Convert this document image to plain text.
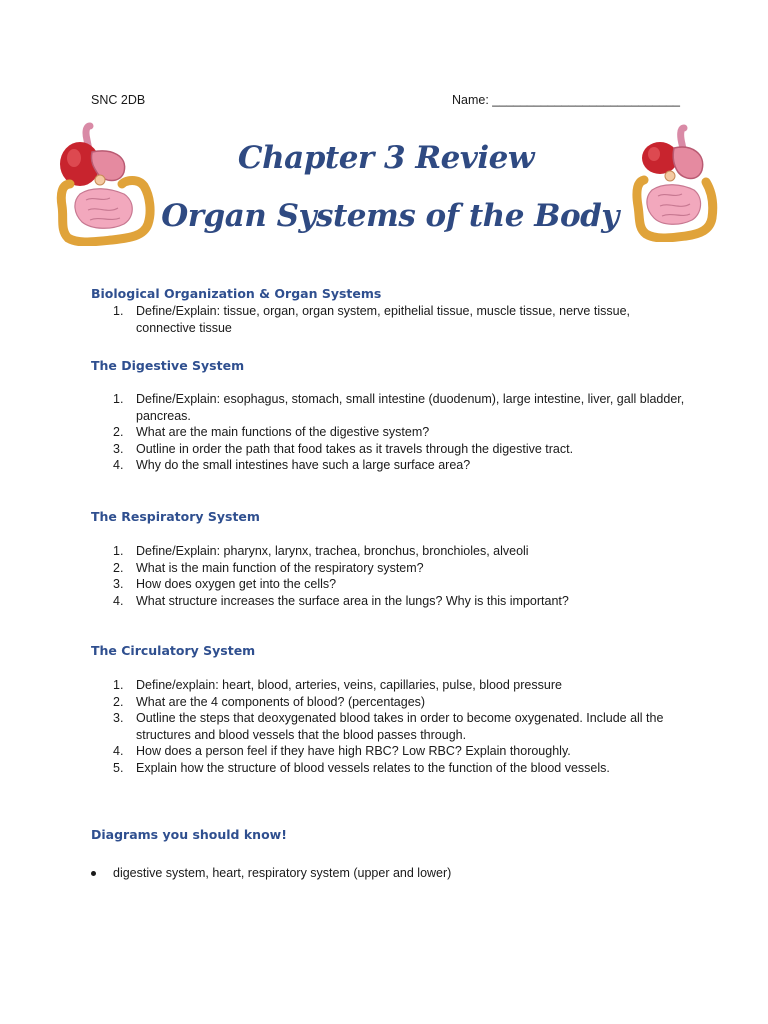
SNC 2DB	Name: ___________________________
Chapter 3 Review
Organ Systems of the Body
Biological Organization & Organ Systems
1. Define/Explain: tissue, organ, organ system, epithelial tissue, muscle tissue, nerve tissue, connective tissue
The Digestive System
1. Define/Explain: esophagus, stomach, small intestine (duodenum), large intestine, liver, gall bladder, pancreas.
2. What are the main functions of the digestive system?
3. Outline in order the path that food takes as it travels through the digestive tract.
4. Why do the small intestines have such a large surface area?
The Respiratory System
1. Define/Explain: pharynx, larynx, trachea, bronchus, bronchioles, alveoli
2. What is the main function of the respiratory system?
3. How does oxygen get into the cells?
4. What structure increases the surface area in the lungs? Why is this important?
The Circulatory System
1. Define/explain: heart, blood, arteries, veins, capillaries, pulse, blood pressure
2. What are the 4 components of blood? (percentages)
3. Outline the steps that deoxygenated blood takes in order to become oxygenated. Include all the structures and blood vessels that the blood passes through.
4. How does a person feel if they have high RBC? Low RBC? Explain thoroughly.
5. Explain how the structure of blood vessels relates to the function of the blood vessels.
Diagrams you should know!
digestive system, heart, respiratory system (upper and lower)
